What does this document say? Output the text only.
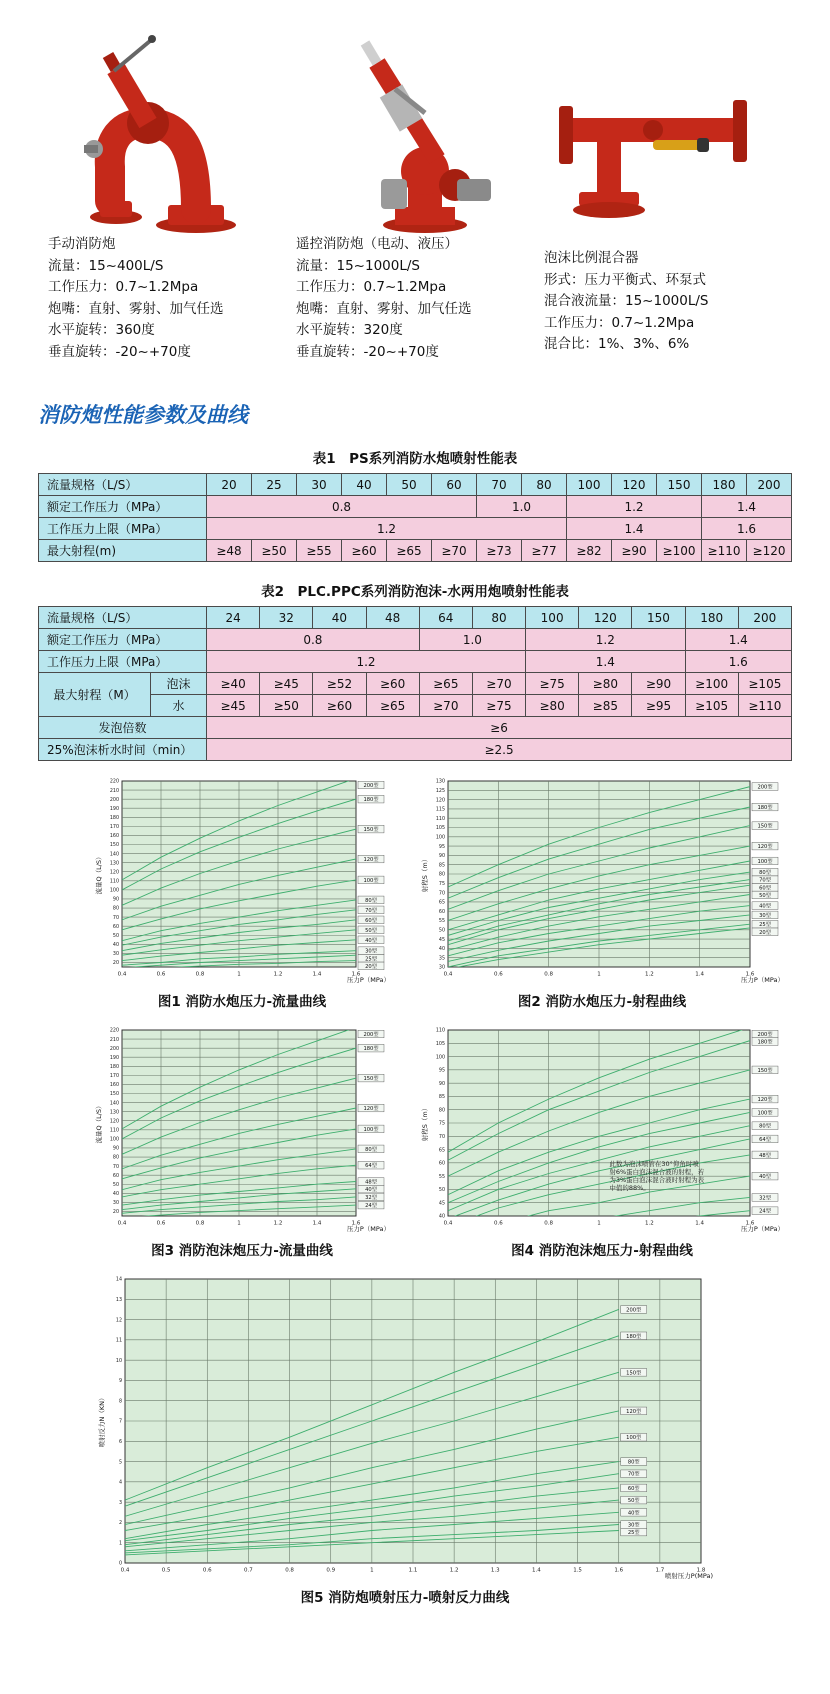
手动消防炮
流量：15~400L/S
工作压力：0.7~1.2Mpa
炮嘴：直射、雾射、加气任选
水平旋转：360度
垂直旋转：-20~+70度
遥控消防炮（电动、液压）
流量：15~1000L/S
工作压力：0.7~1.2Mpa
炮嘴：直射、雾射、加气任选
水平旋转：320度
垂直旋转：-20~+70度
泡沫比例混合器
形式：压力平衡式、环泵式
混合液流量：15~1000L/S
工作压力：0.7~1.2Mpa
混合比：1%、3%、6%
消防炮性能参数及曲线
表1　PS系列消防水炮喷射性能表
流量规格（L/S）	20	25	30	40	50	60	70	80	100	120	150	180	200
额定工作压力（MPa）	0.8						1.0		1.2			1.4	
工作压力上限（MPa）	1.2								1.4			1.6	
最大射程(m)	≥48	≥50	≥55	≥60	≥65	≥70	≥73	≥77	≥82	≥90	≥100	≥110	≥120
表2　PLC.PPC系列消防泡沫-水两用炮喷射性能表
流量规格（L/S）		24	32	40	48	64	80	100	120	150	180	200
额定工作压力（MPa）		0.8				1.0		1.2			1.4	
工作压力上限（MPa）		1.2						1.4			1.6	
最大射程（M）	泡沫	≥40	≥45	≥52	≥60	≥65	≥70	≥75	≥80	≥90	≥100	≥105
	水	≥45	≥50	≥60	≥65	≥70	≥75	≥80	≥85	≥95	≥105	≥110
发泡倍数		≥6										
25%泡沫析水时间（min）		≥2.5										
20
30
40
50
60
70
80
90
100
110
120
130
140
150
160
170
180
190
200
210
220
0.4	0.6	0.8	1	1.2	1.4	1.6
200型
180型
150型
120型
100型
80型
70型
60型
50型
40型
30型
25型
20型
流量Q（L/S）
压力P（MPa）
图1 消防水炮压力-流量曲线
30
35
40
45
50
55
60
65
70
75
80
85
90
95
100
105
110
115
120
125
130
0.4	0.6	0.8	1	1.2	1.4	1.6
200型
180型
150型
120型
100型
80型
70型
60型
50型
40型
30型
25型
20型
射程S（m）
压力P（MPa）
图2 消防水炮压力-射程曲线
20
30
40
50
60
70
80
90
100
110
120
130
140
150
160
170
180
190
200
210
220
0.4	0.6	0.8	1	1.2	1.4	1.6
200型
180型
150型
120型
100型
80型
64型
48型
40型
32型
24型
流量Q（L/S）
压力P（MPa）
图3 消防泡沫炮压力-流量曲线
40
45
50
55
60
65
70
75
80
85
90
95
100
105
110
0.4	0.6	0.8	1	1.2	1.4	1.6
200型
180型
150型
120型
100型
80型
64型
48型
40型
32型
24型
射程S（m）
压力P（MPa）
此数为泡沫喷管在30°仰角时喷射6%蛋白泡沫混合液的射程，若为3%蛋白泡沫混合液时射程为表中值的88%。
图4 消防泡沫炮压力-射程曲线
0
1
2
3
4
5
6
7
8
9
10
11
12
13
14
0.4	0.5	0.6	0.7	0.8	0.9	1	1.1	1.2	1.3	1.4	1.5	1.6	1.7	1.8
200型
180型
150型
120型
100型
80型
70型
60型
50型
40型
30型
25型
喷射反力N（KN）
喷射压力P(MPa)
图5 消防炮喷射压力-喷射反力曲线
